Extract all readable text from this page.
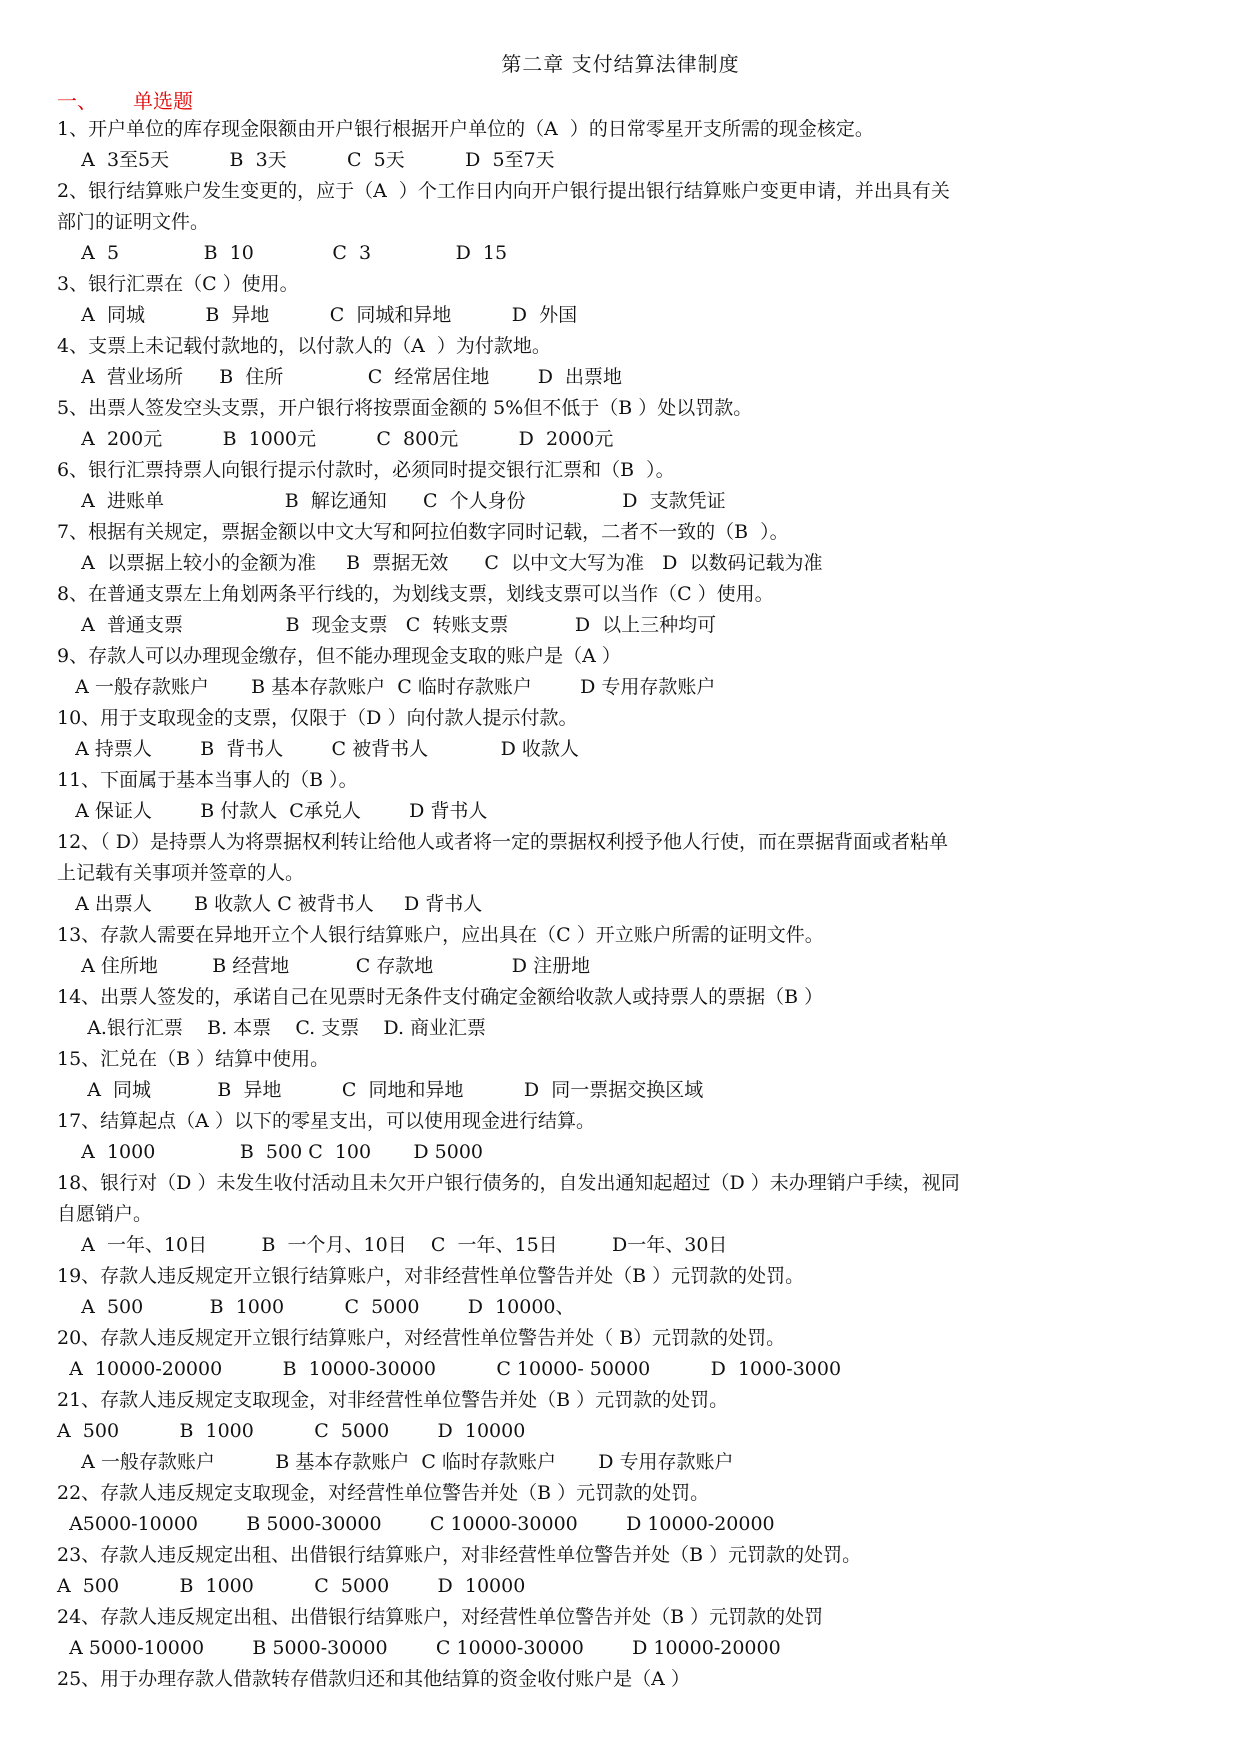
第二章 支付结算法律制度
一、 单选题
1、开户单位的库存现金限额由开户银行根据开户单位的（A  ）的日常零星开支所需的现金核定。
A  3至5天          B  3天          C  5天          D  5至7天
2、银行结算账户发生变更的，应于（A  ）个工作日内向开户银行提出银行结算账户变更申请，并出具有关
部门的证明文件。
A  5              B  10             C  3              D  15
3、银行汇票在（C ）使用。
A  同城          B  异地          C  同城和异地          D  外国
4、支票上未记载付款地的，以付款人的（A  ）为付款地。
A  营业场所      B  住所              C  经常居住地        D  出票地
5、出票人签发空头支票，开户银行将按票面金额的 5%但不低于（B ）处以罚款。
A  200元          B  1000元          C  800元          D  2000元
6、银行汇票持票人向银行提示付款时，必须同时提交银行汇票和（B  ）。
A  进账单                    B  解讫通知      C  个人身份                D  支款凭证
7、根据有关规定，票据金额以中文大写和阿拉伯数字同时记载，二者不一致的（B  ）。
A  以票据上较小的金额为准     B  票据无效      C  以中文大写为准   D  以数码记载为准
8、在普通支票左上角划两条平行线的，为划线支票，划线支票可以当作（C ）使用。
A  普通支票                 B  现金支票   C  转账支票           D  以上三种均可
9、存款人可以办理现金缴存，但不能办理现金支取的账户是（A ）
A 一般存款账户       B 基本存款账户  C 临时存款账户        D 专用存款账户
10、用于支取现金的支票，仅限于（D ）向付款人提示付款。
A 持票人        B  背书人        C 被背书人            D 收款人
11、下面属于基本当事人的（B ）。
A 保证人        B 付款人  C承兑人        D 背书人
12、（ D）是持票人为将票据权利转让给他人或者将一定的票据权利授予他人行使，而在票据背面或者粘单
上记载有关事项并签章的人。
A 出票人       B 收款人 C 被背书人     D 背书人
13、存款人需要在异地开立个人银行结算账户，应出具在（C ）开立账户所需的证明文件。
A 住所地         B 经营地           C 存款地             D 注册地
14、出票人签发的，承诺自己在见票时无条件支付确定金额给收款人或持票人的票据（B ）
A.银行汇票    B. 本票    C. 支票    D. 商业汇票
15、汇兑在（B ）结算中使用。
A  同城           B  异地          C  同地和异地          D  同一票据交换区域
17、结算起点（A ）以下的零星支出，可以使用现金进行结算。
A  1000              B  500 C  100       D 5000
18、银行对（D ）未发生收付活动且未欠开户银行债务的，自发出通知起超过（D ）未办理销户手续，视同
自愿销户。
A  一年、10日         B  一个月、10日    C  一年、15日         D一年、30日
19、存款人违反规定开立银行结算账户，对非经营性单位警告并处（B ）元罚款的处罚。
A  500           B  1000          C  5000        D  10000、
20、存款人违反规定开立银行结算账户，对经营性单位警告并处（ B）元罚款的处罚。
A  10000-20000          B  10000-30000          C 10000- 50000          D  1000-3000
21、存款人违反规定支取现金，对非经营性单位警告并处（B ）元罚款的处罚。
A  500          B  1000          C  5000        D  10000
A 一般存款账户          B 基本存款账户  C 临时存款账户       D 专用存款账户
22、存款人违反规定支取现金，对经营性单位警告并处（B ）元罚款的处罚。
A5000-10000        B 5000-30000        C 10000-30000        D 10000-20000
23、存款人违反规定出租、出借银行结算账户，对非经营性单位警告并处（B ）元罚款的处罚。
A  500          B  1000          C  5000        D  10000
24、存款人违反规定出租、出借银行结算账户，对经营性单位警告并处（B ）元罚款的处罚
A 5000-10000        B 5000-30000        C 10000-30000        D 10000-20000
25、用于办理存款人借款转存借款归还和其他结算的资金收付账户是（A ）
